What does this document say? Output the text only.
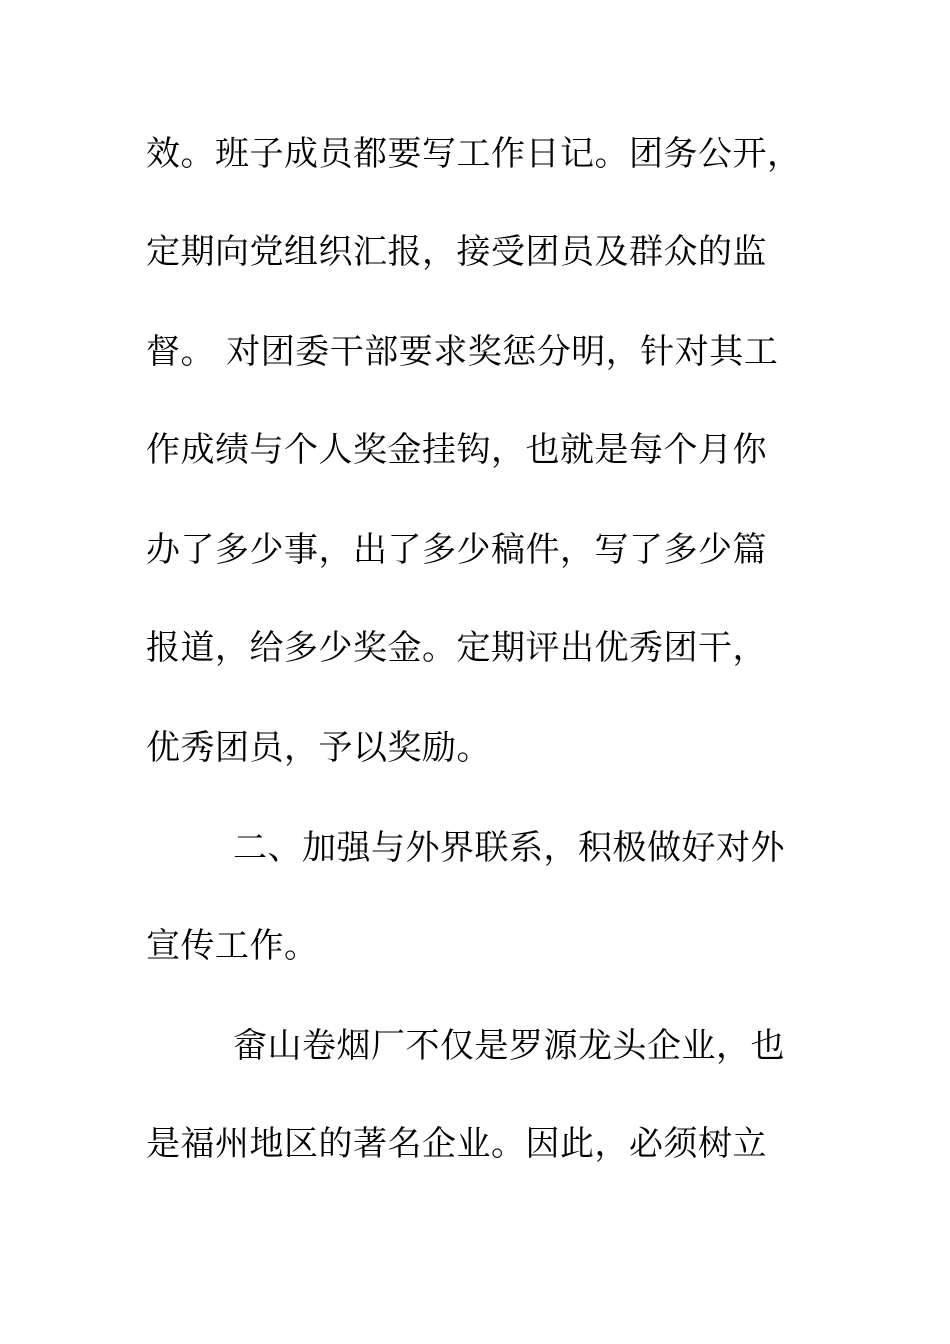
效。班子成员都要写工作日记。团务公开，
定期向党组织汇报，接受团员及群众的监
督。 对团委干部要求奖惩分明，针对其工
作成绩与个人奖金挂钩，也就是每个月你
办了多少事，出了多少稿件，写了多少篇
报道，给多少奖金。定期评出优秀团干，
优秀团员，予以奖励。
二、加强与外界联系，积极做好对外
宣传工作。
畲山卷烟厂不仅是罗源龙头企业，也
是福州地区的著名企业。因此，必须树立
